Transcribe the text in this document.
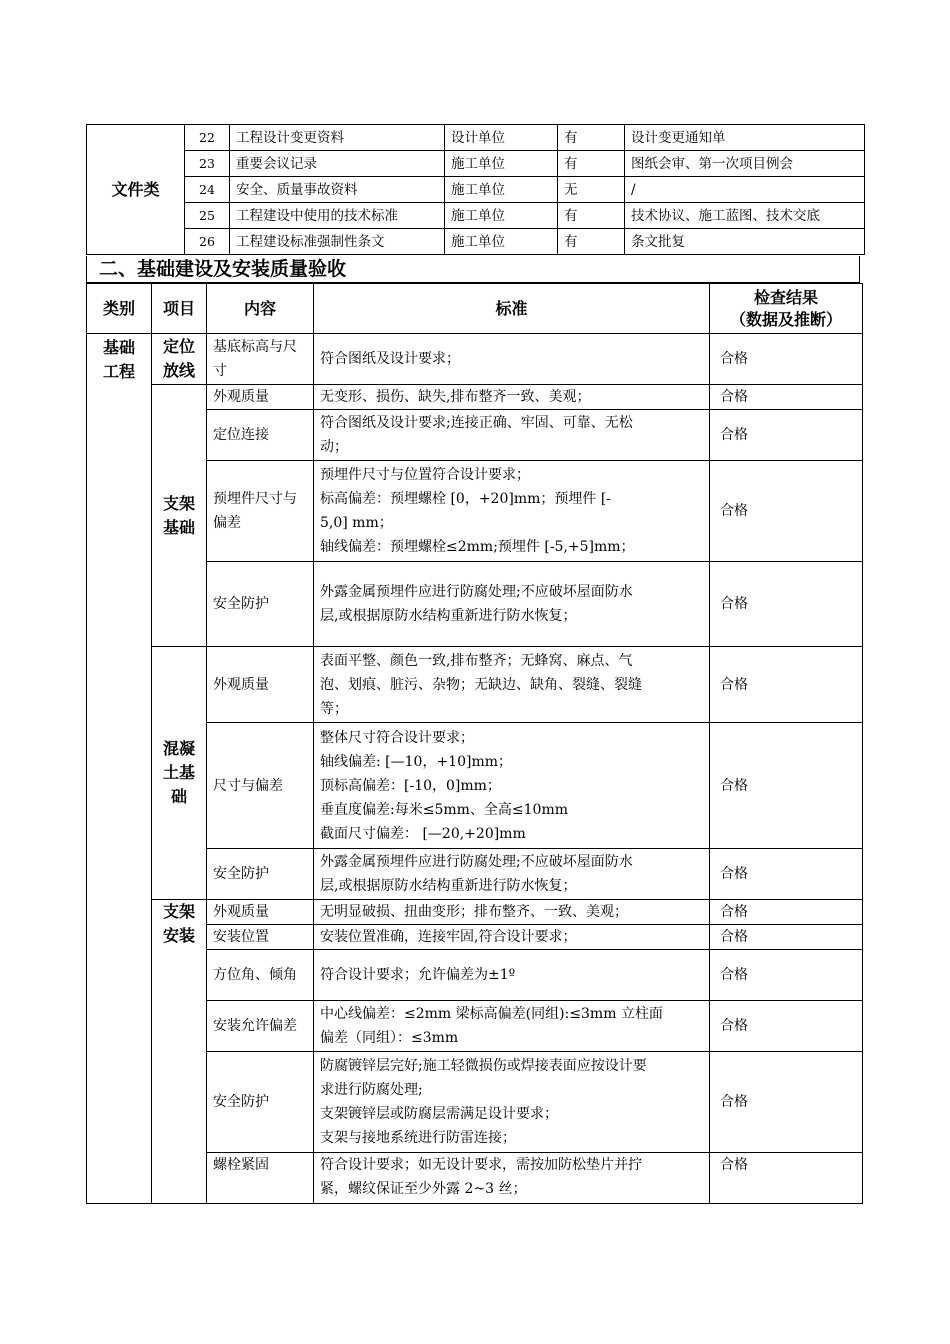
文件类	22	工程设计变更资料	设计单位	有	设计变更通知单
	23	重要会议记录	施工单位	有	图纸会审、第一次项目例会
	24	安全、质量事故资料	施工单位	无	/
	25	工程建设中使用的技术标准	施工单位	有	技术协议、施工蓝图、技术交底
	26	工程建设标准强制性条文	施工单位	有	条文批复
二、基础建设及安装质量验收
类别	项目	内容	标准	检查结果
（数据及推断）

基础工程	定位放线	基底标高与尺寸	符合图纸及设计要求；	合格

	支架基础	外观质量	无变形、损伤、缺失,排布整齐一致、美观；	合格
		定位连接	符合图纸及设计要求;连接正确、牢固、可靠、无松
动；	合格

		预埋件尺寸与偏差	预埋件尺寸与位置符合设计要求；
标高偏差：预埋螺栓 [0，+20]mm；预埋件 [-
5,0] mm；
轴线偏差：预埋螺栓≤2mm;预埋件 [-5,+5]mm；	合格
		安全防护	外露金属预埋件应进行防腐处理;不应破坏屋面防水
层,或根据原防水结构重新进行防水恢复；	合格

	混凝土基础	外观质量	表面平整、颜色一致,排布整齐；无蜂窝、麻点、气
泡、划痕、脏污、杂物；无缺边、缺角、裂缝、裂缝
等；	合格
		尺寸与偏差	整体尺寸符合设计要求；
轴线偏差: [—10，+10]mm；
顶标高偏差：[-10，0]mm；
垂直度偏差:每米≤5mm、全高≤10mm
截面尺寸偏差： [—20,+20]mm	合格
		安全防护	外露金属预埋件应进行防腐处理;不应破坏屋面防水
层,或根据原防水结构重新进行防水恢复；	合格

	支架安装	外观质量	无明显破损、扭曲变形；排布整齐、一致、美观；	合格
		安装位置	安装位置准确，连接牢固,符合设计要求；	合格

		方位角、倾角	符合设计要求；允许偏差为±1º	合格

		安装允许偏差	中心线偏差：≤2mm 梁标高偏差(同组):≤3mm 立柱面
偏差（同组）：≤3mm	合格
		安全防护	防腐镀锌层完好;施工轻微损伤或焊接表面应按设计要
求进行防腐处理;
支架镀锌层或防腐层需满足设计要求；
支架与接地系统进行防雷连接；	合格
		螺栓紧固	符合设计要求；如无设计要求，需按加防松垫片并拧
紧，螺纹保证至少外露 2~3 丝；	合格
